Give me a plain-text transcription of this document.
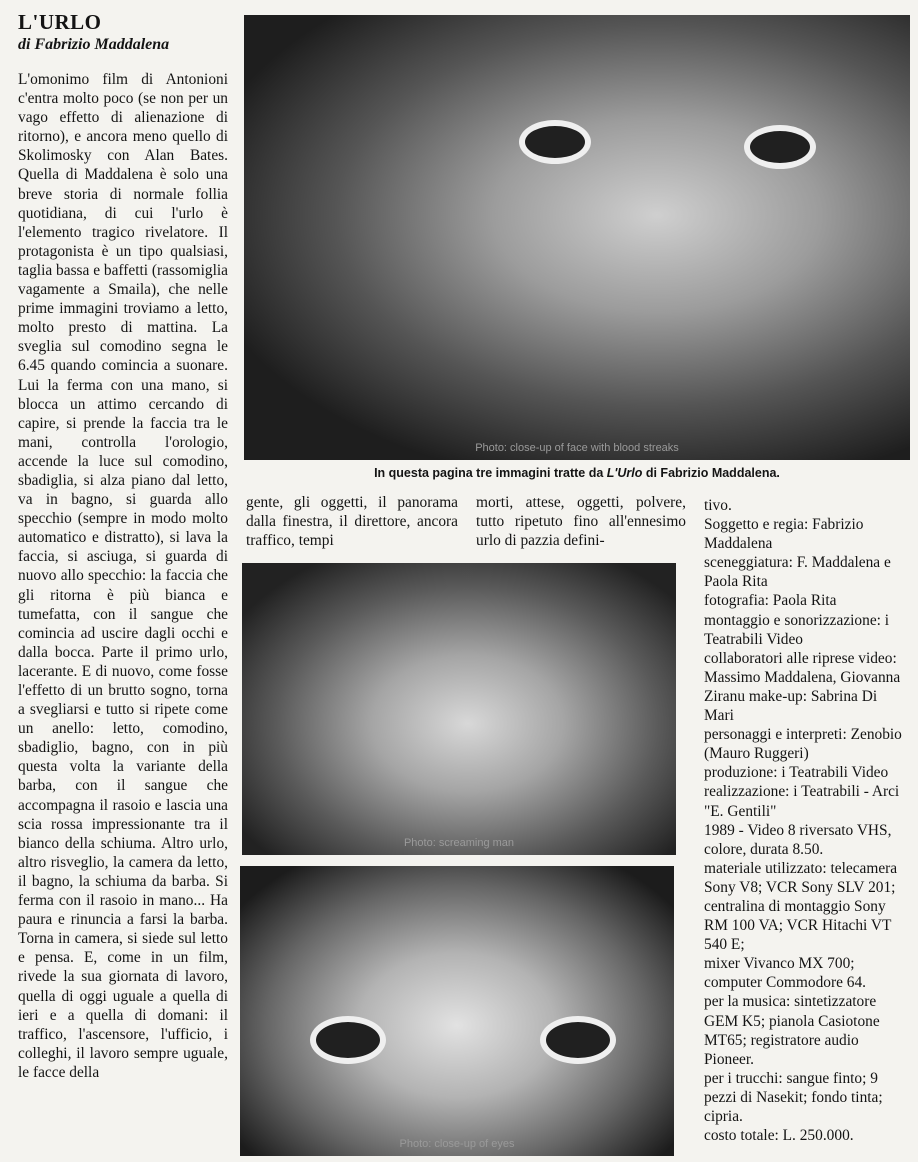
L'URLO
di Fabrizio Maddalena

L'omonimo film di Antonioni c'entra molto poco (se non per un vago effetto di alienazione di ritorno), e ancora meno quello di Skolimosky con Alan Bates. Quella di Maddalena è solo una breve storia di normale follia quotidiana, di cui l'urlo è l'elemento tragico rivelatore. Il protagonista è un tipo qualsiasi, taglia bassa e baffetti (rassomiglia vagamente a Smaila), che nelle prime immagini troviamo a letto, molto presto di mattina. La sveglia sul comodino segna le 6.45 quando comincia a suonare. Lui la ferma con una mano, si blocca un attimo cercando di capire, si prende la faccia tra le mani, controlla l'orologio, accende la luce sul comodino, sbadiglia, si alza piano dal letto, va in bagno, si guarda allo specchio (sempre in modo molto automatico e distratto), si lava la faccia, si asciuga, si guarda di nuovo allo specchio: la faccia che gli ritorna è più bianca e tumefatta, con il sangue che comincia ad uscire dagli occhi e dalla bocca. Parte il primo urlo, lacerante. E di nuovo, come fosse l'effetto di un brutto sogno, torna a svegliarsi e tutto si ripete come un anello: letto, comodino, sbadiglio, bagno, con in più questa volta la variante della barba, con il sangue che accompagna il rasoio e lascia una scia rossa impressionante tra il bianco della schiuma. Altro urlo, altro risveglio, la camera da letto, il bagno, la schiuma da barba. Si ferma con il rasoio in mano... Ha paura e rinuncia a farsi la barba. Torna in camera, si siede sul letto e pensa. E, come in un film, rivede la sua giornata di lavoro, quella di oggi uguale a quella di ieri e a quella di domani: il traffico, l'ascensore, l'ufficio, i colleghi, il lavoro sempre uguale, le facce della

Photo: close-up of face with blood streaks
In questa pagina tre immagini tratte da L'Urlo di Fabrizio Maddalena.

gente, gli oggetti, il panorama dalla finestra, il direttore, ancora traffico, tempi

morti, attese, oggetti, polvere, tutto ripetuto fino all'ennesimo urlo di pazzia defini-

tivo.

Soggetto e regia: Fabrizio Maddalena

sceneggiatura: F. Maddalena e Paola Rita

fotografia: Paola Rita

montaggio e sonorizzazione: i Teatrabili Video

collaboratori alle riprese video: Massimo Maddalena, Giovanna Ziranu make-up: Sabrina Di Mari

personaggi e interpreti: Zenobio (Mauro Ruggeri)

produzione: i Teatrabili Video

realizzazione: i Teatrabili - Arci "E. Gentili"

1989 - Video 8 riversato VHS, colore, durata 8.50.

materiale utilizzato: telecamera Sony V8; VCR Sony SLV 201;

centralina di montaggio Sony RM 100 VA; VCR Hitachi VT 540 E;

mixer Vivanco MX 700; computer Commodore 64.

per la musica: sintetizzatore GEM K5; pianola Casiotone MT65; registratore audio Pioneer.

per i trucchi: sangue finto; 9 pezzi di Nasekit; fondo tinta; cipria.

costo totale: L. 250.000.

Photo: screaming man
Photo: close-up of eyes
